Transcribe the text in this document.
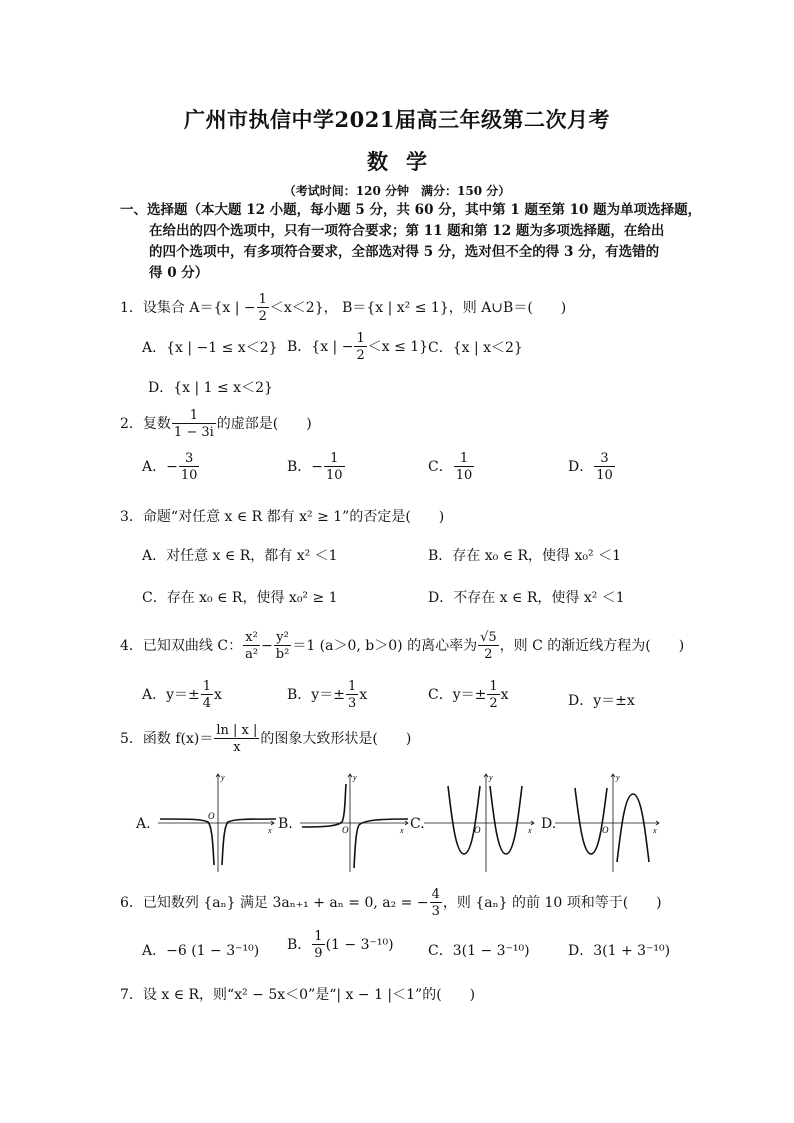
广州市执信中学2021届高三年级第二次月考
数学
（考试时间：120 分钟　满分：150 分）
一、选择题（本大题 12 小题，每小题 5 分，共 60 分，其中第 1 题至第 10 题为单项选择题，
在给出的四个选项中，只有一项符合要求；第 11 题和第 12 题为多项选择题，在给出
的四个选项中，有多项符合要求，全部选对得 5 分，选对但不全的得 3 分，有选错的
得 0 分）
1．设集合 A＝{x | − $\frac{1}{2} <x<2$}， B＝{x | x² ≤ 1}，则 A∪B＝(　　)
A．{x | −1 ≤ x＜2} B．{x | − $\frac{1}{2} <x \le 1$} C．{x | x＜2}
D．{x | 1 ≤ x＜2}
2．复数 $\frac{1}{1 - 3i}$ 的虚部是(　　)
A．− $\frac{3}{10}$	B．− $\frac{1}{10}$	C． $\frac{1}{10}$	D． $\frac{3}{10}$
3．命题“对任意 x ∈ R 都有 x² ≥ 1”的否定是(　　)
A．对任意 x ∈ R，都有 x² ＜1	B．存在 x₀ ∈ R，使得 x₀² ＜1
C．存在 x₀ ∈ R，使得 x₀² ≥ 1	D．不存在 x ∈ R，使得 x² ＜1
4．已知双曲线 C： $\frac{\text{x²}}{\text{a²}} - \frac{\text{y²}}{\text{b²}} =1$ (a＞0, b＞0) 的离心率为 $\frac{√5}{2}$ ，则 C 的渐近线方程为(　　)
A．$y=\pm \frac{1}{4}$ x	B．$y=\pm \frac{1}{3}$ x	C．$y=\pm \frac{1}{2}$ x	D．y＝±x
5．函数 $f(x)= \frac{\ln | x |}{x}$ 的图象大致形状是(　　)
A.	B.	C.	D.
y
O
x
y
O	x
y
O	x
y
O	x
6．已知数列 {aₙ} 满足 3aₙ₊₁ + aₙ = 0, a₂ = − $\frac{4}{3}$ ，则 {aₙ} 的前 10 项和等于(　　)
A．−6 (1 − 3⁻¹⁰) B． $\frac{1}{9} (1 - 3^{-10})$ C．3(1 − 3⁻¹⁰)	D．3(1 + 3⁻¹⁰)
7．设 x ∈ R，则“x² − 5x＜0”是“| x − 1 |＜1”的(　　)
